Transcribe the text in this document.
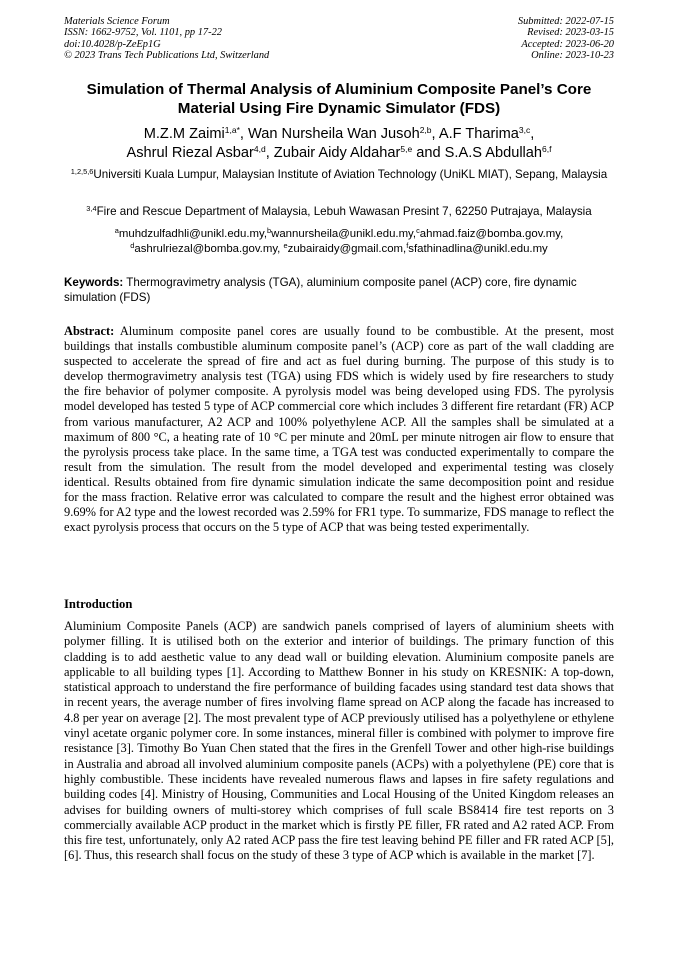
Materials Science Forum
ISSN: 1662-9752, Vol. 1101, pp 17-22
doi:10.4028/p-ZeEp1G
© 2023 Trans Tech Publications Ltd, Switzerland
Submitted: 2022-07-15
Revised: 2023-03-15
Accepted: 2023-06-20
Online: 2023-10-23
Simulation of Thermal Analysis of Aluminium Composite Panel’s Core
Material Using Fire Dynamic Simulator (FDS)
M.Z.M Zaimi$^{1,a*}$, Wan Nursheila Wan Jusoh$^{2,b}$, A.F Tharima$^{3,c}$,
Ashrul Riezal Asbar$^{4,d}$, Zubair Aidy Aldahar$^{5,e}$ and S.A.S Abdullah$^{6,f}$
$^{1,2,5,6}$Universiti Kuala Lumpur, Malaysian Institute of Aviation Technology (UniKL MIAT), Sepang, Malaysia
$^{3,4}$Fire and Rescue Department of Malaysia, Lebuh Wawasan Presint 7, 62250 Putrajaya, Malaysia
$^a$muhdzulfadhli@unikl.edu.my,$^b$wannursheila@unikl.edu.my,$^c$ahmad.faiz@bomba.gov.my,
$^d$ashrulriezal@bomba.gov.my, $^e$zubairaidy@gmail.com,$^f$sfathinadlina@unikl.edu.my
Keywords: Thermogravimetry analysis (TGA), aluminium composite panel (ACP) core, fire dynamic simulation (FDS)
Abstract: Aluminum composite panel cores are usually found to be combustible. At the present, most buildings that installs combustible aluminum composite panel’s (ACP) core as part of the wall cladding are suspected to accelerate the spread of fire and act as fuel during burning. The purpose of this study is to develop thermogravimetry analysis test (TGA) using FDS which is widely used by fire researchers to study the fire behavior of polymer composite. A pyrolysis model was being developed using FDS. The pyrolysis model developed has tested 5 type of ACP commercial core which includes 3 different fire retardant (FR) ACP from various manufacturer, A2 ACP and 100% polyethylene ACP. All the samples shall be simulated at a maximum of 800 °C, a heating rate of 10 °C per minute and 20mL per minute nitrogen air flow to ensure that the pyrolysis process take place. In the same time, a TGA test was conducted experimentally to compare the result from the simulation. The result from the model developed and experimental testing was closely identical. Results obtained from fire dynamic simulation indicate the same decomposition point and residue for the mass fraction. Relative error was calculated to compare the result and the highest error obtained was 9.69% for A2 type and the lowest recorded was 2.59% for FR1 type. To summarize, FDS manage to reflect the exact pyrolysis process that occurs on the 5 type of ACP that was being tested experimentally.
Introduction
Aluminium Composite Panels (ACP) are sandwich panels comprised of layers of aluminium sheets with polymer filling. It is utilised both on the exterior and interior of buildings. The primary function of this cladding is to add aesthetic value to any dead wall or building elevation. Aluminium composite panels are applicable to all building types [1]. According to Matthew Bonner in his study on KRESNIK: A top-down, statistical approach to understand the fire performance of building facades using standard test data shows that in recent years, the average number of fires involving flame spread on ACP along the facade has increased to 4.8 per year on average [2]. The most prevalent type of ACP previously utilised has a polyethylene or ethylene vinyl acetate organic polymer core. In some instances, mineral filler is combined with polymer to improve fire resistance [3]. Timothy Bo Yuan Chen stated that the fires in the Grenfell Tower and other high-rise buildings in Australia and abroad all involved aluminium composite panels (ACPs) with a polyethylene (PE) core that is highly combustible. These incidents have revealed numerous flaws and lapses in fire safety regulations and building codes [4]. Ministry of Housing, Communities and Local Housing of the United Kingdom releases an advises for building owners of multi-storey which comprises of full scale BS8414 fire test reports on 3 commercially available ACP product in the market which is firstly PE filler, FR rated and A2 rated ACP. From this fire test, unfortunately, only A2 rated ACP pass the fire test leaving behind PE filler and FR rated ACP [5], [6]. Thus, this research shall focus on the study of these 3 type of ACP which is available in the market [7].
